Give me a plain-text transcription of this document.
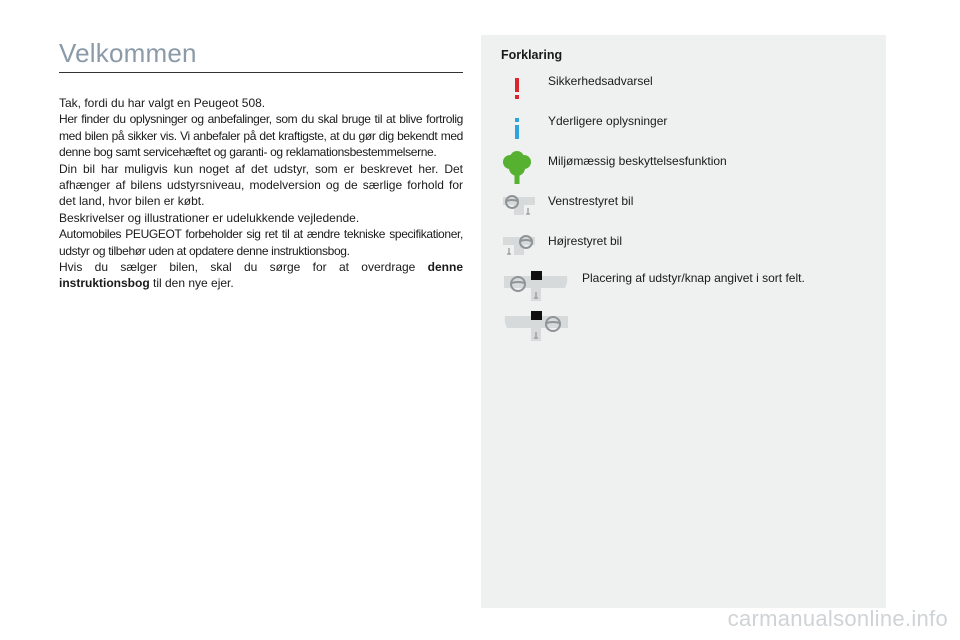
Velkommen

Tak, fordi du har valgt en Peugeot 508.

Her finder du oplysninger og anbefalinger, som du skal bruge til at blive fortrolig med bilen på sikker vis. Vi anbefaler på det kraftigste, at du gør dig bekendt med denne bog samt servicehæftet og garanti- og reklamationsbestemmelserne.

Din bil har muligvis kun noget af det udstyr, som er beskrevet her. Det afhænger af bilens udstyrsniveau, modelversion og de særlige forhold for det land, hvor bilen er købt.

Beskrivelser og illustrationer er udelukkende vejledende.

Automobiles PEUGEOT forbeholder sig ret til at ændre tekniske specifikationer, udstyr og tilbehør uden at opdatere denne instruktionsbog.

Hvis du sælger bilen, skal du sørge for at overdrage denne instruktionsbog til den nye ejer.

Forklaring
Sikkerhedsadvarsel
Yderligere oplysninger
Miljømæssig beskyttelsesfunktion
Venstrestyret bil
Højrestyret bil
Placering af udstyr/knap angivet i sort felt.
carmanualsonline.info
